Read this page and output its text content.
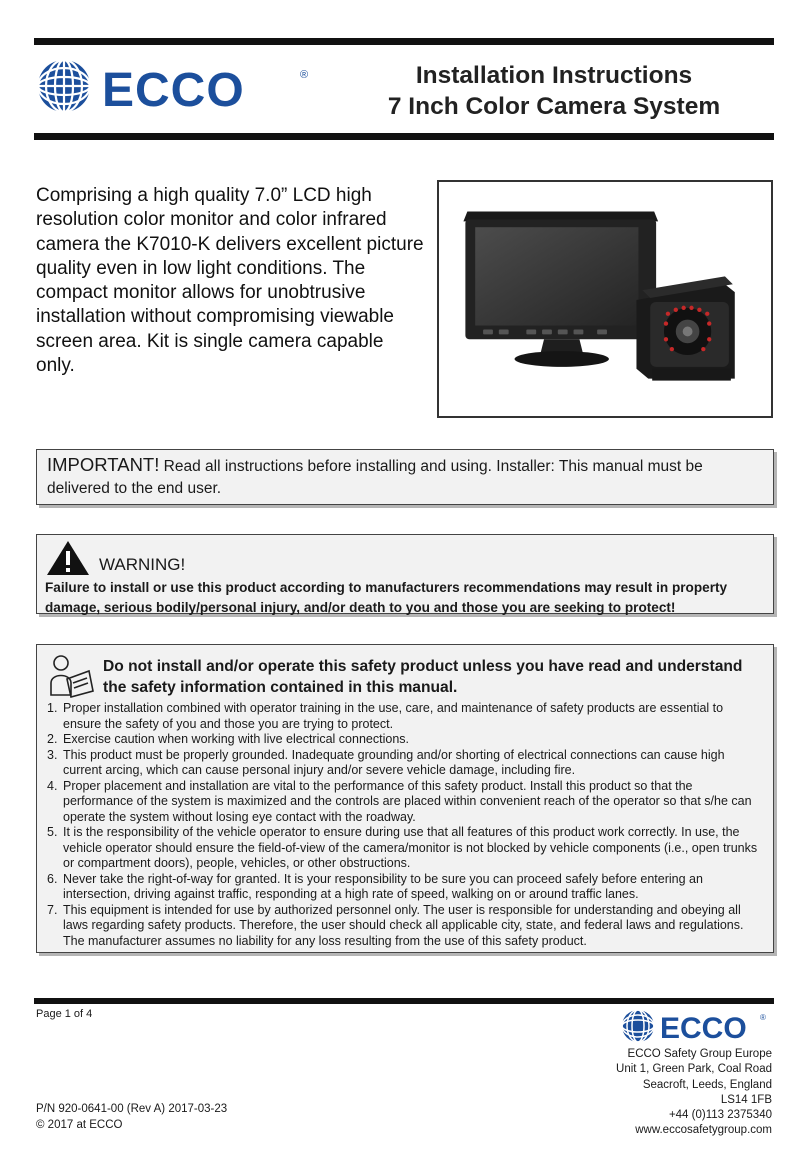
ECCO	®	Installation Instructions
7 Inch Color Camera System
Comprising a high quality 7.0” LCD high resolution color monitor and color infrared camera the K7010-K delivers excellent picture quality even in low light conditions. The compact monitor allows for unobtrusive installation without compromising viewable screen area. Kit is single camera capable only.
IMPORTANT! Read all instructions before installing and using. Installer: This manual must be delivered to the end user.
WARNING!
Failure to install or use this product according to manufacturers recommendations may result in property damage, serious bodily/personal injury, and/or death to you and those you are seeking to protect!
Do not install and/or operate this safety product unless you have read and understand the safety information contained in this manual.
1. Proper installation combined with operator training in the use, care, and maintenance of safety products are essential to ensure the safety of you and those you are trying to protect.
2. Exercise caution when working with live electrical connections.
3. This product must be properly grounded. Inadequate grounding and/or shorting of electrical connections can cause high current arcing, which can cause personal injury and/or severe vehicle damage, including fire.
4. Proper placement and installation are vital to the performance of this safety product. Install this product so that the performance of the system is maximized and the controls are placed within convenient reach of the operator so that s/he can operate the system without losing eye contact with the roadway.
5. It is the responsibility of the vehicle operator to ensure during use that all features of this product work correctly. In use, the vehicle operator should ensure the field-of-view of the camera/monitor is not blocked by vehicle components (i.e., open trunks or compartment doors), people, vehicles, or other obstructions.
6. Never take the right-of-way for granted. It is your responsibility to be sure you can proceed safely before entering an intersection, driving against traffic, responding at a high rate of speed, walking on or around traffic lanes.
7. This equipment is intended for use by authorized personnel only. The user is responsible for understanding and obeying all laws regarding safety products. Therefore, the user should check all applicable city, state, and federal laws and regulations. The manufacturer assumes no liability for any loss resulting from the use of this safety product.
Page 1 of 4	ECCO ®
ECCO Safety Group Europe
Unit 1, Green Park, Coal Road
Seacroft, Leeds, England
LS14 1FB
+44 (0)113 2375340
www.eccosafetygroup.com
P/N 920-0641-00 (Rev A) 2017-03-23
© 2017 at ECCO
